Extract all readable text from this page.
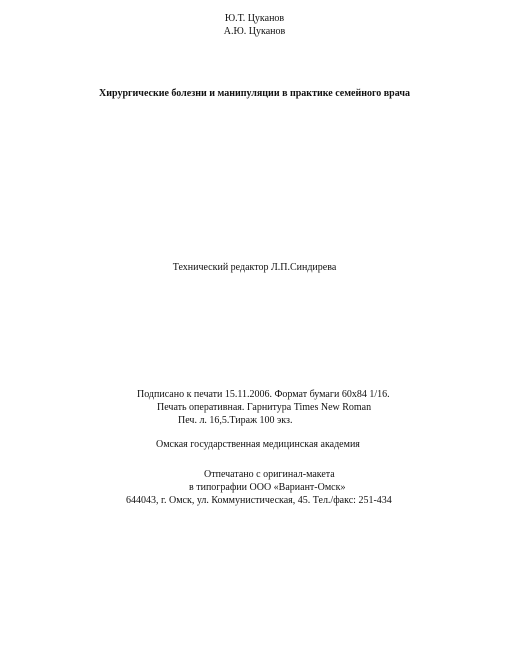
Ю.Т. Цуканов
А.Ю. Цуканов
Хирургические болезни и манипуляции в практике семейного врача
Технический редактор Л.П.Синдирева
Подписано к печати 15.11.2006. Формат бумаги 60х84 1/16.
Печать оперативная. Гарнитура Times New Roman
Печ. л. 16,5.Тираж 100 экз.
Омская государственная медицинская академия
Отпечатано с оригинал-макета
в типографии ООО «Вариант-Омск»
644043, г. Омск, ул. Коммунистическая, 45. Тел./факс: 251-434
